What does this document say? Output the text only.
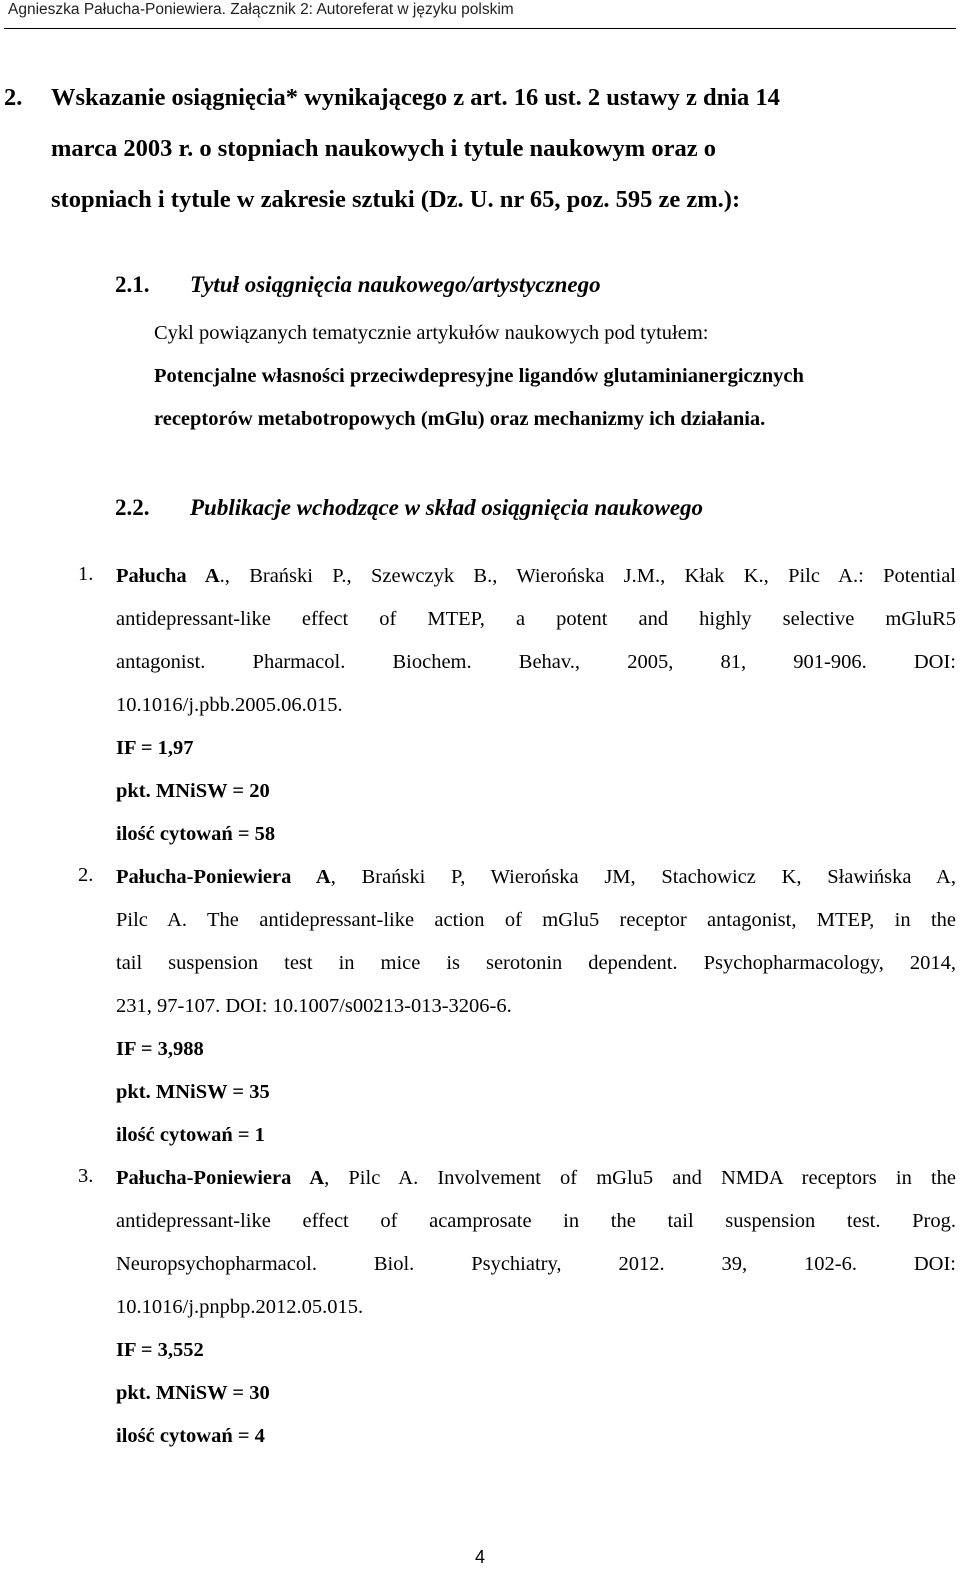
Agnieszka Pałucha-Poniewiera. Załącznik 2: Autoreferat w języku polskim
2. Wskazanie osiągnięcia* wynikającego z art. 16 ust. 2 ustawy z dnia 14
marca 2003 r. o stopniach naukowych i tytule naukowym oraz o
stopniach i tytule w zakresie sztuki (Dz. U. nr 65, poz. 595 ze zm.):
2.1. Tytuł osiągnięcia naukowego/artystycznego
Cykl powiązanych tematycznie artykułów naukowych pod tytułem:
Potencjalne własności przeciwdepresyjne ligandów glutaminianergicznych
receptorów metabotropowych (mGlu) oraz mechanizmy ich działania.
2.2. Publikacje wchodzące w skład osiągnięcia naukowego
1. Pałucha A., Brański P., Szewczyk B., Wierońska J.M., Kłak K., Pilc A.: Potential
antidepressant-like effect of MTEP, a potent and highly selective mGluR5
antagonist. Pharmacol. Biochem. Behav., 2005, 81, 901-906. DOI:
10.1016/j.pbb.2005.06.015.
IF = 1,97
pkt. MNiSW = 20
ilość cytowań = 58
2. Pałucha-Poniewiera A, Brański P, Wierońska JM, Stachowicz K, Sławińska A,
Pilc A. The antidepressant-like action of mGlu5 receptor antagonist, MTEP, in the
tail suspension test in mice is serotonin dependent. Psychopharmacology, 2014,
231, 97-107. DOI: 10.1007/s00213-013-3206-6.
IF = 3,988
pkt. MNiSW = 35
ilość cytowań = 1
3. Pałucha-Poniewiera A, Pilc A. Involvement of mGlu5 and NMDA receptors in the
antidepressant-like effect of acamprosate in the tail suspension test. Prog.
Neuropsychopharmacol. Biol. Psychiatry, 2012. 39, 102-6. DOI:
10.1016/j.pnpbp.2012.05.015.
IF = 3,552
pkt. MNiSW = 30
ilość cytowań = 4
4
